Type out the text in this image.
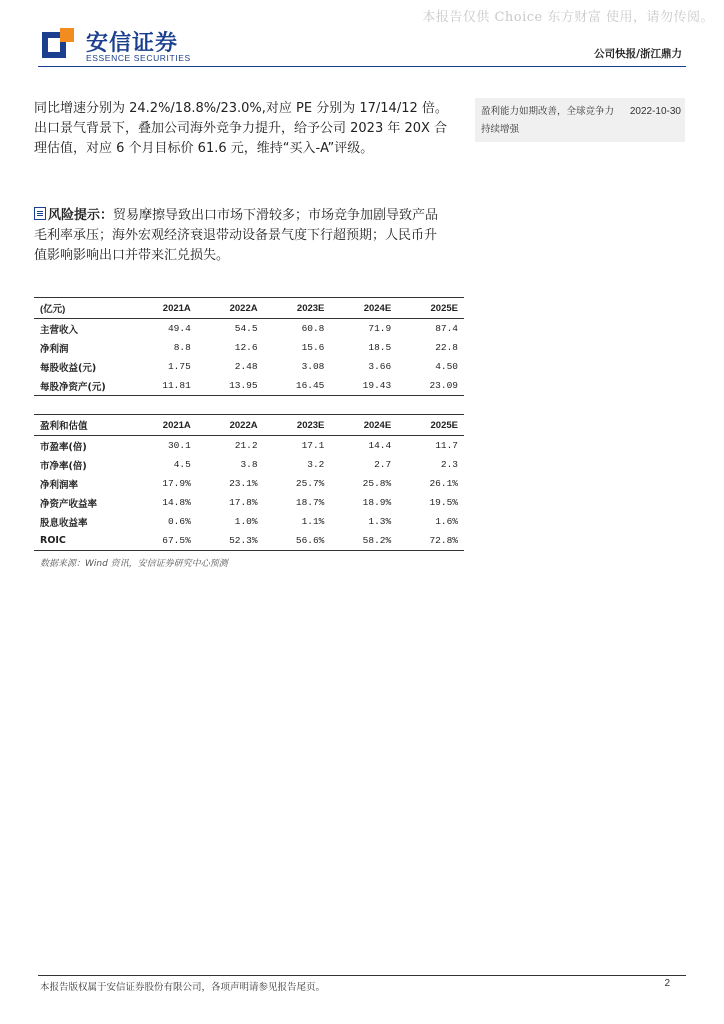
本报告仅供 Choice 东方财富 使用，请勿传阅。
安信证券
ESSENCE SECURITIES	公司快报/浙江鼎力
同比增速分别为 24.2%/18.8%/23.0%,对应 PE 分别为 17/14/12 倍。出口景气背景下，叠加公司海外竞争力提升，给予公司 2023 年 20X 合理估值，对应 6 个月目标价 61.6 元，维持“买入-A”评级。
风险提示：贸易摩擦导致出口市场下滑较多；市场竞争加剧导致产品毛利率承压；海外宏观经济衰退带动设备景气度下行超预期；人民币升值影响影响出口并带来汇兑损失。
盈利能力如期改善，全球竞争力持续增强
2022-10-30
(亿元)	2021A	2022A	2023E	2024E	2025E
主营收入	49.4	54.5	60.8	71.9	87.4
净利润	8.8	12.6	15.6	18.5	22.8
每股收益(元)	1.75	2.48	3.08	3.66	4.50
每股净资产(元)	11.81	13.95	16.45	19.43	23.09
盈利和估值	2021A	2022A	2023E	2024E	2025E
市盈率(倍)	30.1	21.2	17.1	14.4	11.7
市净率(倍)	4.5	3.8	3.2	2.7	2.3
净利润率	17.9%	23.1%	25.7%	25.8%	26.1%
净资产收益率	14.8%	17.8%	18.7%	18.9%	19.5%
股息收益率	0.6%	1.0%	1.1%	1.3%	1.6%
ROIC	67.5%	52.3%	56.6%	58.2%	72.8%
数据来源：Wind 资讯，安信证券研究中心预测
本报告版权属于安信证券股份有限公司，各项声明请参见报告尾页。	2
